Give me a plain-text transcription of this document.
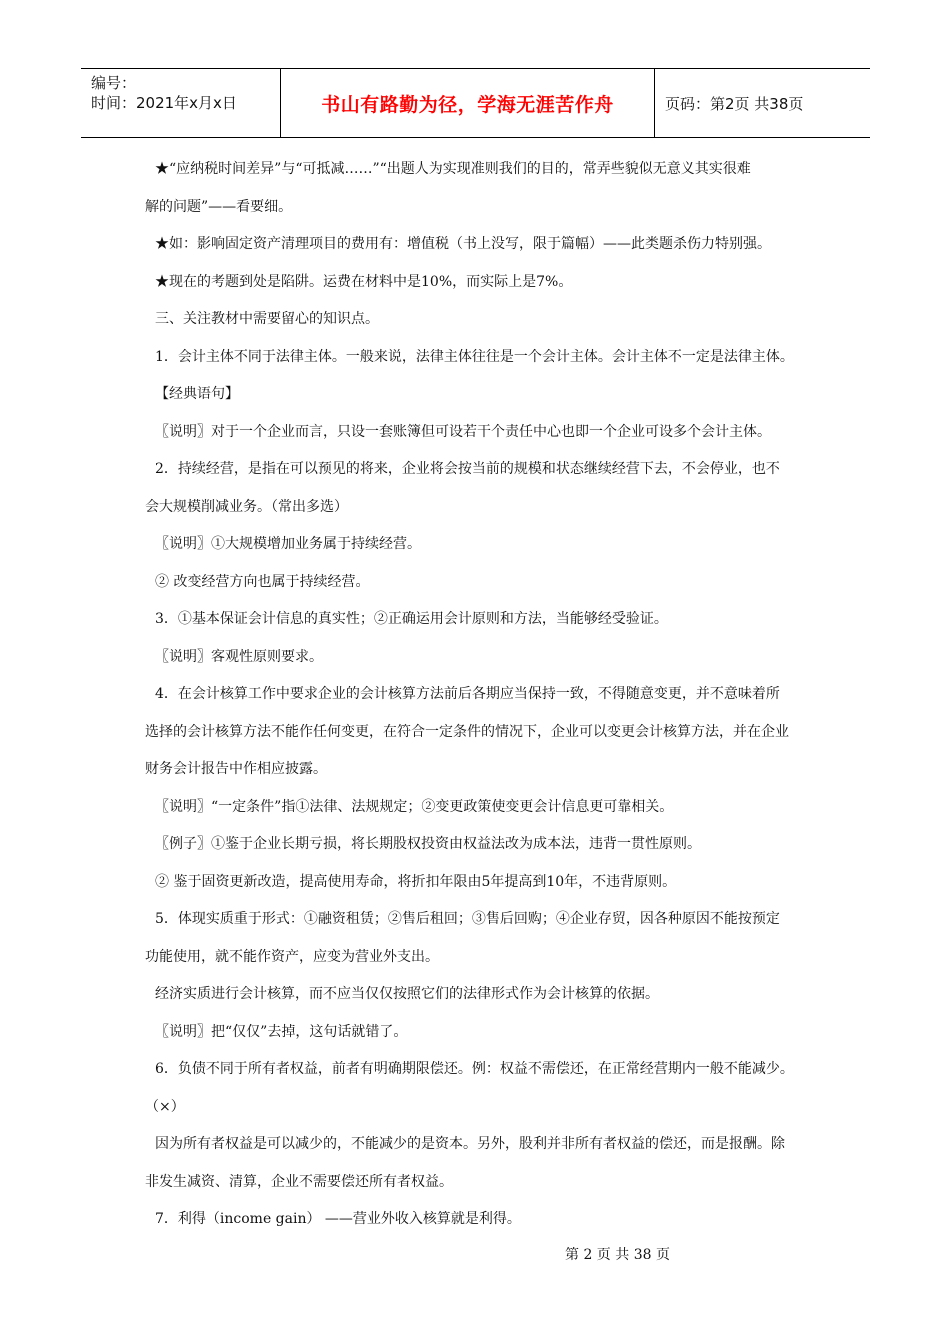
编号：
时间：2021年x月x日	书山有路勤为径，学海无涯苦作舟	页码：第2页 共38页

★“应纳税时间差异”与“可抵减……”“出题人为实现准则我们的目的，常弄些貌似无意义其实很难

解的问题”——看要细。

★如：影响固定资产清理项目的费用有：增值税（书上没写，限于篇幅）——此类题杀伤力特别强。

★现在的考题到处是陷阱。运费在材料中是10%，而实际上是7%。

三、关注教材中需要留心的知识点。

1．会计主体不同于法律主体。一般来说，法律主体往往是一个会计主体。会计主体不一定是法律主体。

【经典语句】

〖说明〗对于一个企业而言，只设一套账簿但可设若干个责任中心也即一个企业可设多个会计主体。

2．持续经营，是指在可以预见的将来，企业将会按当前的规模和状态继续经营下去，不会停业，也不

会大规模削减业务。（常出多选）

〖说明〗①大规模增加业务属于持续经营。

② 改变经营方向也属于持续经营。

3．①基本保证会计信息的真实性；②正确运用会计原则和方法，当能够经受验证。

〖说明〗客观性原则要求。

4．在会计核算工作中要求企业的会计核算方法前后各期应当保持一致，不得随意变更，并不意味着所

选择的会计核算方法不能作任何变更，在符合一定条件的情况下，企业可以变更会计核算方法，并在企业

财务会计报告中作相应披露。

〖说明〗“一定条件”指①法律、法规规定；②变更政策使变更会计信息更可靠相关。

〖例子〗①鉴于企业长期亏损，将长期股权投资由权益法改为成本法，违背一贯性原则。

② 鉴于固资更新改造，提高使用寿命，将折扣年限由5年提高到10年，不违背原则。

5．体现实质重于形式：①融资租赁；②售后租回；③售后回购；④企业存贸，因各种原因不能按预定

功能使用，就不能作资产，应变为营业外支出。

经济实质进行会计核算，而不应当仅仅按照它们的法律形式作为会计核算的依据。

〖说明〗把“仅仅”去掉，这句话就错了。

6．负债不同于所有者权益，前者有明确期限偿还。例：权益不需偿还，在正常经营期内一般不能减少。

（×）

因为所有者权益是可以减少的，不能减少的是资本。另外，股利并非所有者权益的偿还，而是报酬。除

非发生减资、清算，企业不需要偿还所有者权益。

7．利得（income gain） ——营业外收入核算就是利得。

第 2 页 共 38 页
